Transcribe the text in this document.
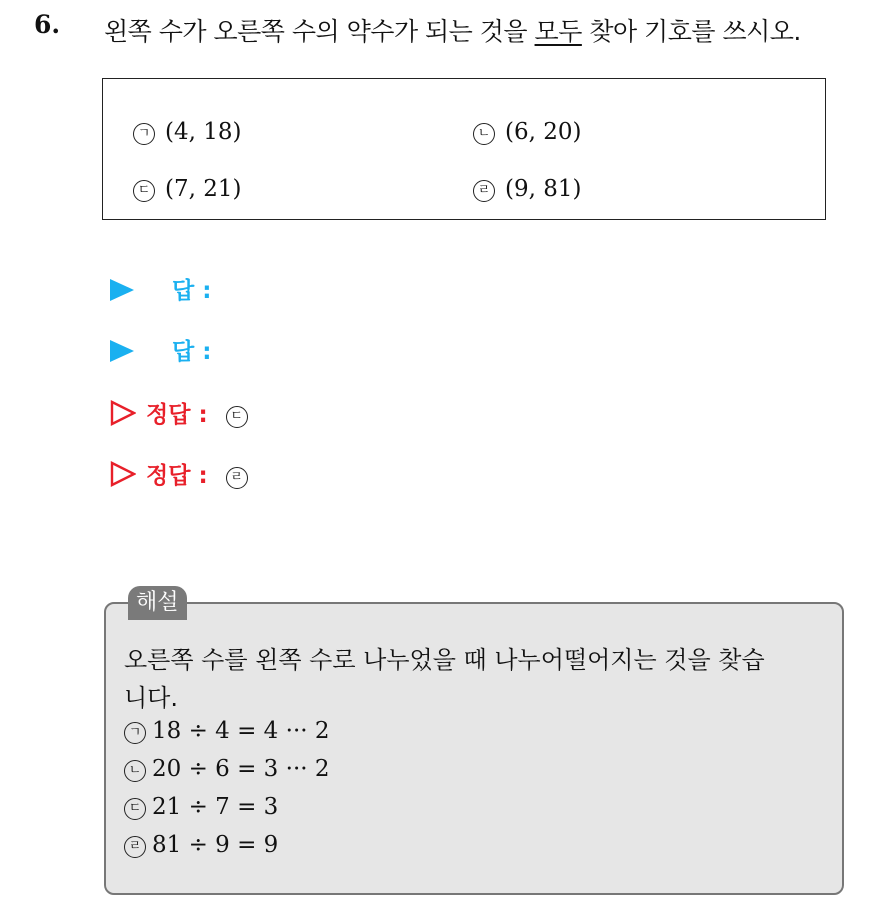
6. 왼쪽 수가 오른쪽 수의 약수가 되는 것을 모두 찾아 기호를 쓰시오.
ㄱ (4, 18)	ㄴ (6, 20)
ㄷ (7, 21)	ㄹ (9, 81)
답 :
답 :
정답 : ㄷ
정답 : ㄹ
해설
오른쪽 수를 왼쪽 수로 나누었을 때 나누어떨어지는 것을 찾습
니다.
ㄱ 18 ÷ 4 = 4 ··· 2
ㄴ 20 ÷ 6 = 3 ··· 2
ㄷ 21 ÷ 7 = 3
ㄹ 81 ÷ 9 = 9
